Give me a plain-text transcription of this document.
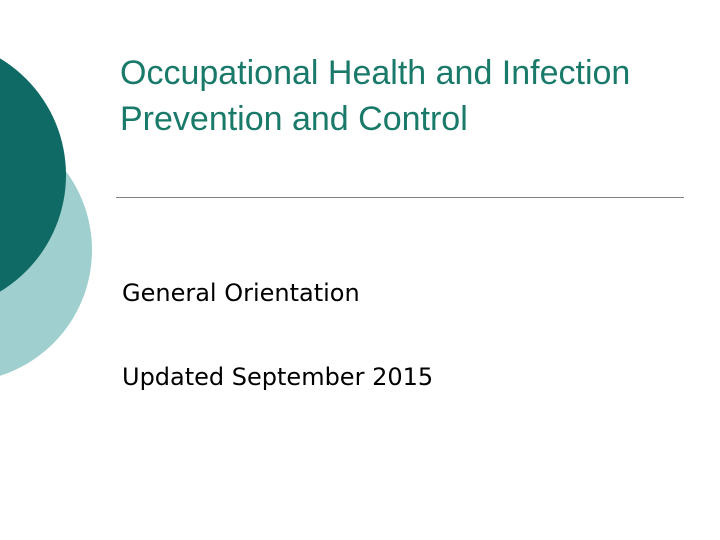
Occupational Health and Infection Prevention and Control

General Orientation

Updated September 2015
